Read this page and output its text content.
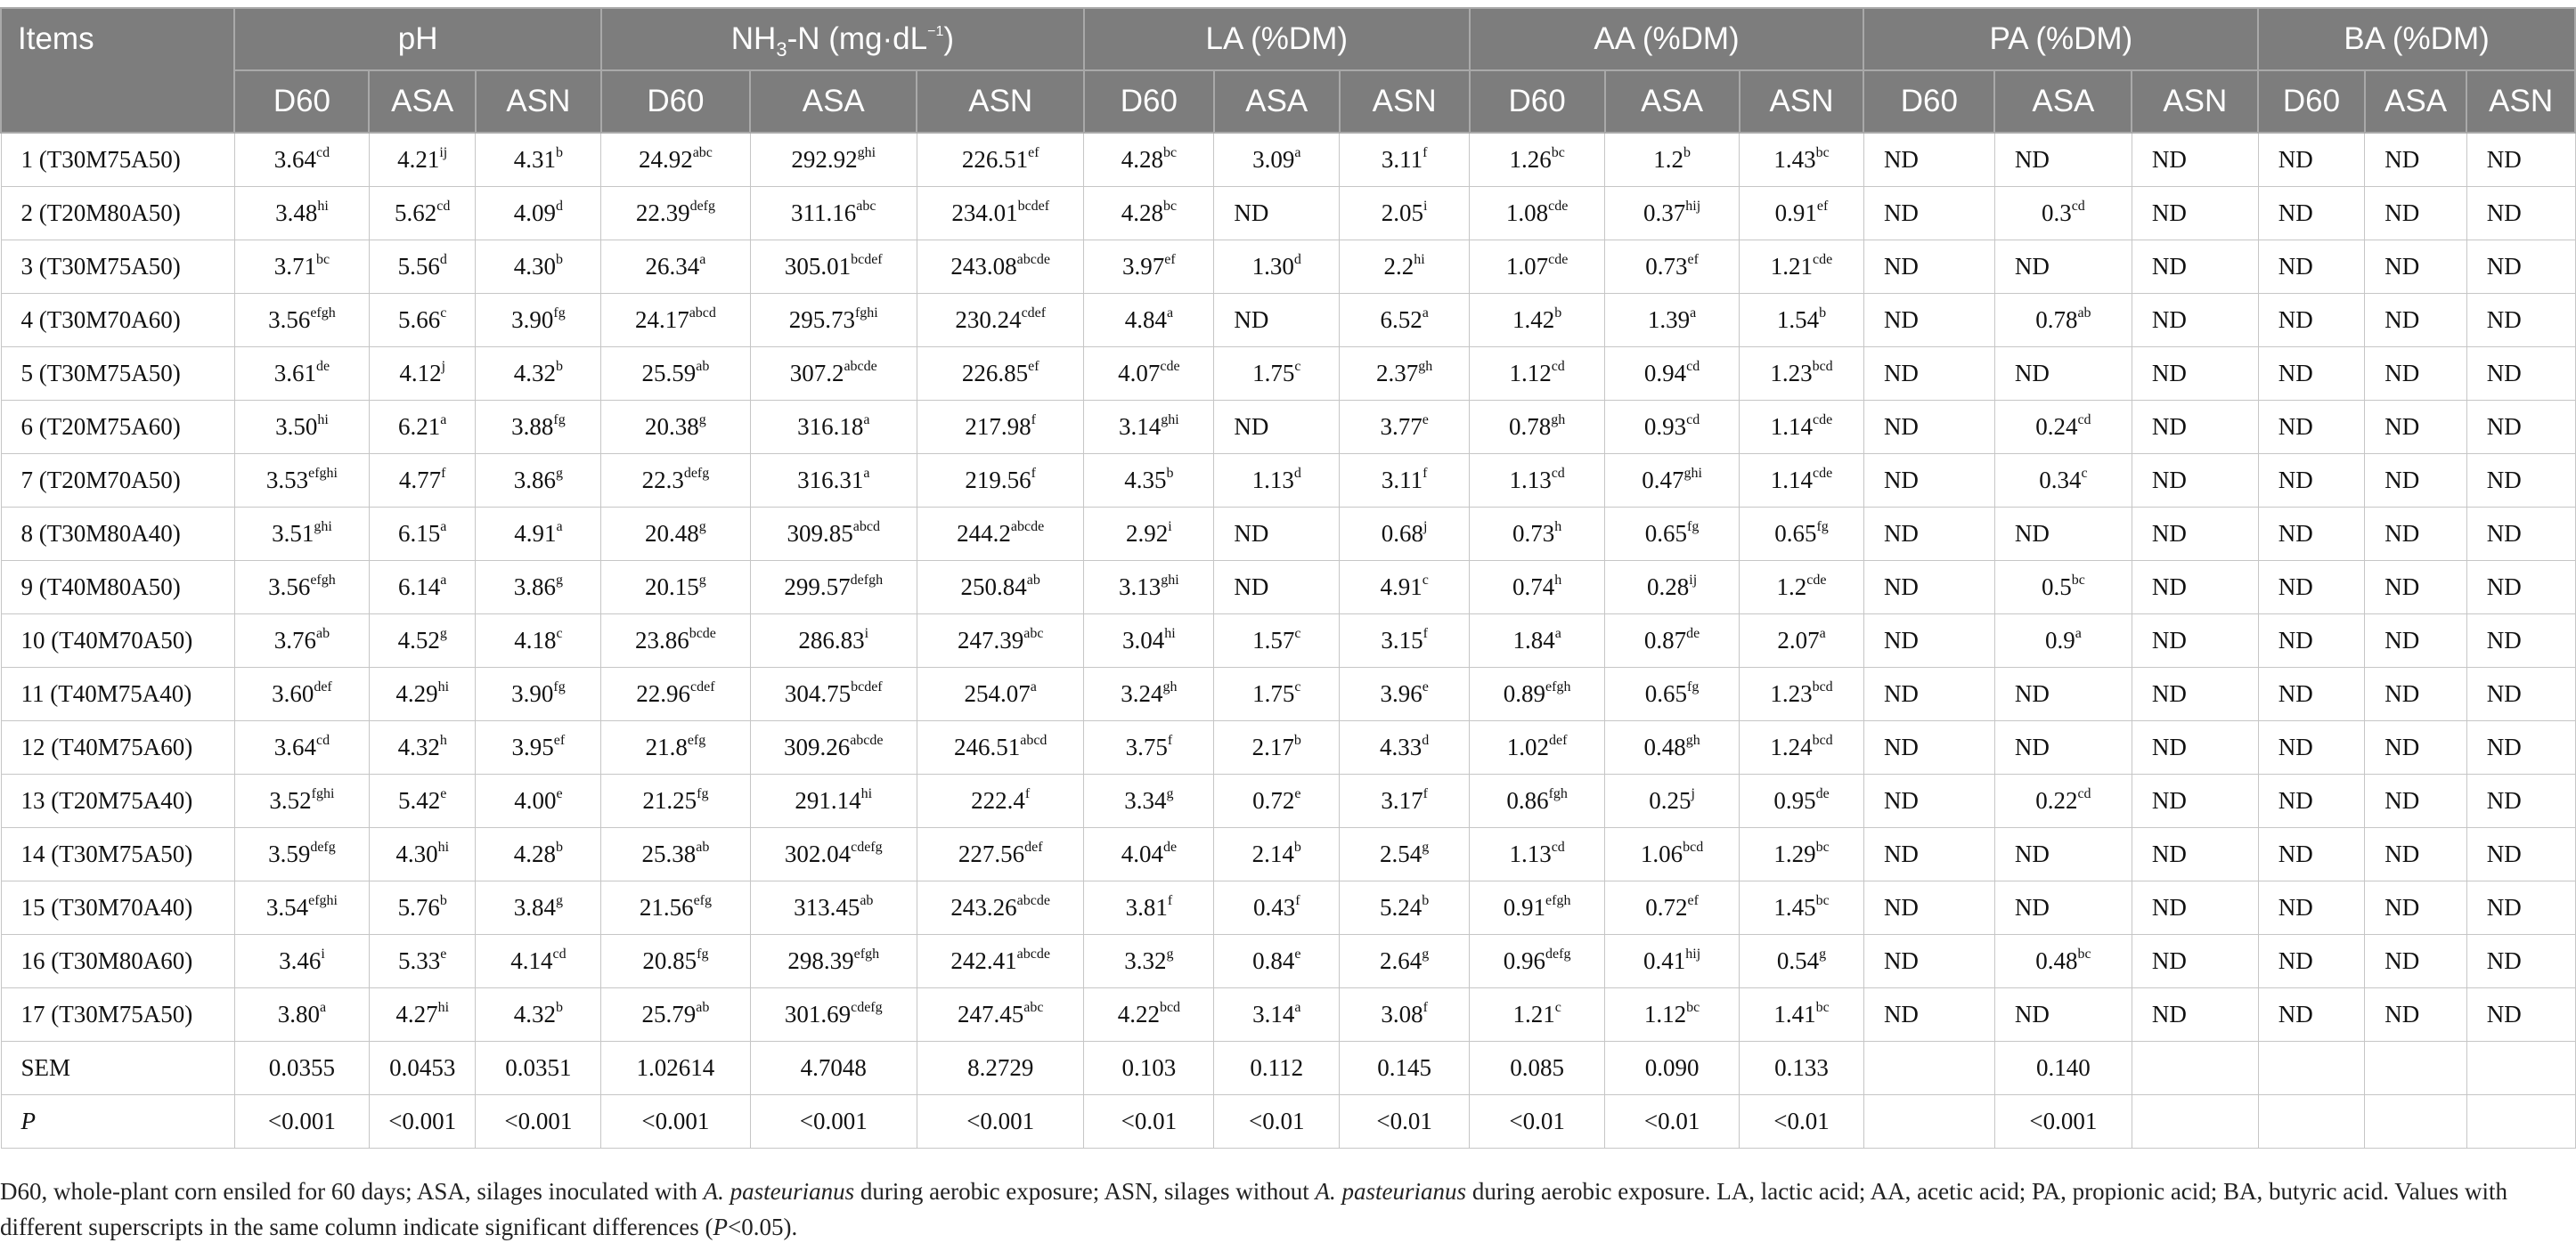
Items	pH			$NH_3-N$ $(mg\cdot dL^{-1})$			LA (%DM)			AA (%DM)			PA (%DM)			BA (%DM)		
	D60	ASA	ASN	D60	ASA	ASN	D60	ASA	ASN	D60	ASA	ASN	D60	ASA	ASN	D60	ASA	ASN
1 (T30M75A50)	3.64$^{cd}$	$4.21^{ij}$	4.31$^b$	24.92$^{abc}$	$292.92^{ghi}$	226.51$^{ef}$	4.28$^{bc}$	3.09$^a$	3.11$^f$	1.26$^{bc}$	1.2$^b$	1.43$^{bc}$	ND	ND	ND	ND	ND	ND
2 (T20M80A50)	$3.48^{hi}$	5.62$^{cd}$	4.09$^d$	$22.39^{defg}$	311.16$^{abc}$	$234.01^{bcdef}$	4.28$^{bc}$	ND	2.05$^i$	1.08$^{cde}$	$0.37^{hij}$	0.91$^{ef}$	ND	0.3$^{cd}$	ND	ND	ND	ND
3 (T30M75A50)	3.71$^{bc}$	5.56$^d$	4.30$^b$	26.34$^a$	$305.01^{bcdef}$	$243.08^{abcde}$	3.97$^{ef}$	1.30$^d$	$2.2^{hi}$	1.07$^{cde}$	0.73$^{ef}$	1.21$^{cde}$	ND	ND	ND	ND	ND	ND
4 (T30M70A60)	$3.56^{efgh}$	5.66$^c$	3.90$^{fg}$	$24.17^{abcd}$	$295.73^{fghi}$	$230.24^{cdef}$	4.84$^a$	ND	6.52$^a$	1.42$^b$	1.39$^a$	1.54$^b$	ND	0.78$^{ab}$	ND	ND	ND	ND
5 (T30M75A50)	3.61de	4.12$^j$	4.32$^b$	25.59$^{ab}$	$307.2^{abcde}$	226.85$^{ef}$	4.07$^{cde}$	1.75$^c$	2.37$^{gh}$	1.12$^{cd}$	0.94$^{cd}$	1.23$^{bcd}$	ND	ND	ND	ND	ND	ND
6 (T20M75A60)	$3.50^{hi}$	6.21$^a$	3.88$^{fg}$	20.38$^g$	316.18$^a$	217.98$^f$	$3.14^{ghi}$	ND	3.77e	0.78$^{gh}$	0.93$^{cd}$	1.14$^{cde}$	ND	0.24$^{cd}$	ND	ND	ND	ND
7 (T20M70A50)	$3.53^{efghi}$	4.77$^f$	3.86$^g$	$22.3^{defg}$	316.31$^a$	219.56$^f$	4.35$^b$	1.13$^d$	3.11$^f$	1.13$^{cd}$	$0.47^{ghi}$	1.14$^{cde}$	ND	0.34$^c$	ND	ND	ND	ND
8 (T30M80A40)	$3.51^{ghi}$	6.15$^a$	4.91$^a$	20.48$^g$	$309.85^{abcd}$	$244.2^{abcde}$	2.92$^i$	ND	0.68$^j$	0.73$^h$	0.65$^{fg}$	0.65$^{fg}$	ND	ND	ND	ND	ND	ND
9 (T40M80A50)	$3.56^{efgh}$	6.14$^a$	3.86$^g$	20.15$^g$	$299.57^{defgh}$	250.84$^{ab}$	$3.13^{ghi}$	ND	4.91$^c$	0.74$^h$	$0.28^{ij}$	1.2$^{cde}$	ND	0.5$^{bc}$	ND	ND	ND	ND
10 (T40M70A50)	3.76$^{ab}$	4.52$^g$	4.18$^c$	$23.86^{bcde}$	286.83$^i$	247.39$^{abc}$	$3.04^{hi}$	1.57$^c$	3.15$^f$	1.84$^a$	0.87de	2.07$^a$	ND	0.9$^a$	ND	ND	ND	ND
11 (T40M75A40)	3.60$^{def}$	$4.29^{hi}$	3.90$^{fg}$	$22.96^{cdef}$	$304.75^{bcdef}$	254.07$^a$	3.24$^{gh}$	1.75$^c$	3.96e	$0.89^{efgh}$	0.65$^{fg}$	1.23$^{bcd}$	ND	ND	ND	ND	ND	ND
12 (T40M75A60)	3.64$^{cd}$	4.32$^h$	3.95$^{ef}$	21.8$^{efg}$	$309.26^{abcde}$	$246.51^{abcd}$	3.75$^f$	2.17$^b$	4.33$^d$	1.02$^{def}$	0.48$^{gh}$	1.24$^{bcd}$	ND	ND	ND	ND	ND	ND
13 (T20M75A40)	$3.52^{fghi}$	5.42e	4.00e	21.25$^{fg}$	$291.14^{hi}$	222.4$^f$	3.34$^g$	0.72e	3.17$^f$	0.86$^{fgh}$	0.25$^j$	0.95de	ND	0.22$^{cd}$	ND	ND	ND	ND
14 (T30M75A50)	$3.59^{defg}$	$4.30^{hi}$	4.28$^b$	25.38$^{ab}$	$302.04^{cdefg}$	227.56$^{def}$	4.04de	2.14$^b$	2.54$^g$	1.13$^{cd}$	1.06$^{bcd}$	1.29$^{bc}$	ND	ND	ND	ND	ND	ND
15 (T30M70A40)	$3.54^{efghi}$	5.76$^b$	3.84$^g$	21.56$^{efg}$	313.45$^{ab}$	$243.26^{abcde}$	3.81$^f$	0.43$^f$	5.24$^b$	$0.91^{efgh}$	0.72$^{ef}$	1.45$^{bc}$	ND	ND	ND	ND	ND	ND
16 (T30M80A60)	3.46$^i$	5.33e	4.14$^{cd}$	20.85$^{fg}$	$298.39^{efgh}$	$242.41^{abcde}$	3.32$^g$	0.84e	2.64$^g$	$0.96^{defg}$	$0.41^{hij}$	0.54$^g$	ND	0.48$^{bc}$	ND	ND	ND	ND
17 (T30M75A50)	3.80$^a$	$4.27^{hi}$	4.32$^b$	25.79$^{ab}$	$301.69^{cdefg}$	247.45$^{abc}$	4.22$^{bcd}$	3.14$^a$	3.08$^f$	1.21$^c$	1.12$^{bc}$	1.41$^{bc}$	ND	ND	ND	ND	ND	ND
SEM	0.0355	0.0453	0.0351	1.02614	4.7048	8.2729	0.103	0.112	0.145	0.085	0.090	0.133		0.140				
P	<0.001	<0.001	<0.001	<0.001	<0.001	<0.001	<0.01	<0.01	<0.01	<0.01	<0.01	<0.01		<0.001				
D60, whole-plant corn ensiled for 60 days; ASA, silages inoculated with A. pasteurianus during aerobic exposure; ASN, silages without A. pasteurianus during aerobic exposure. LA, lactic acid; AA, acetic acid; PA, propionic acid; BA, butyric acid. Values with different superscripts in the same column indicate significant differences (P<0.05).
